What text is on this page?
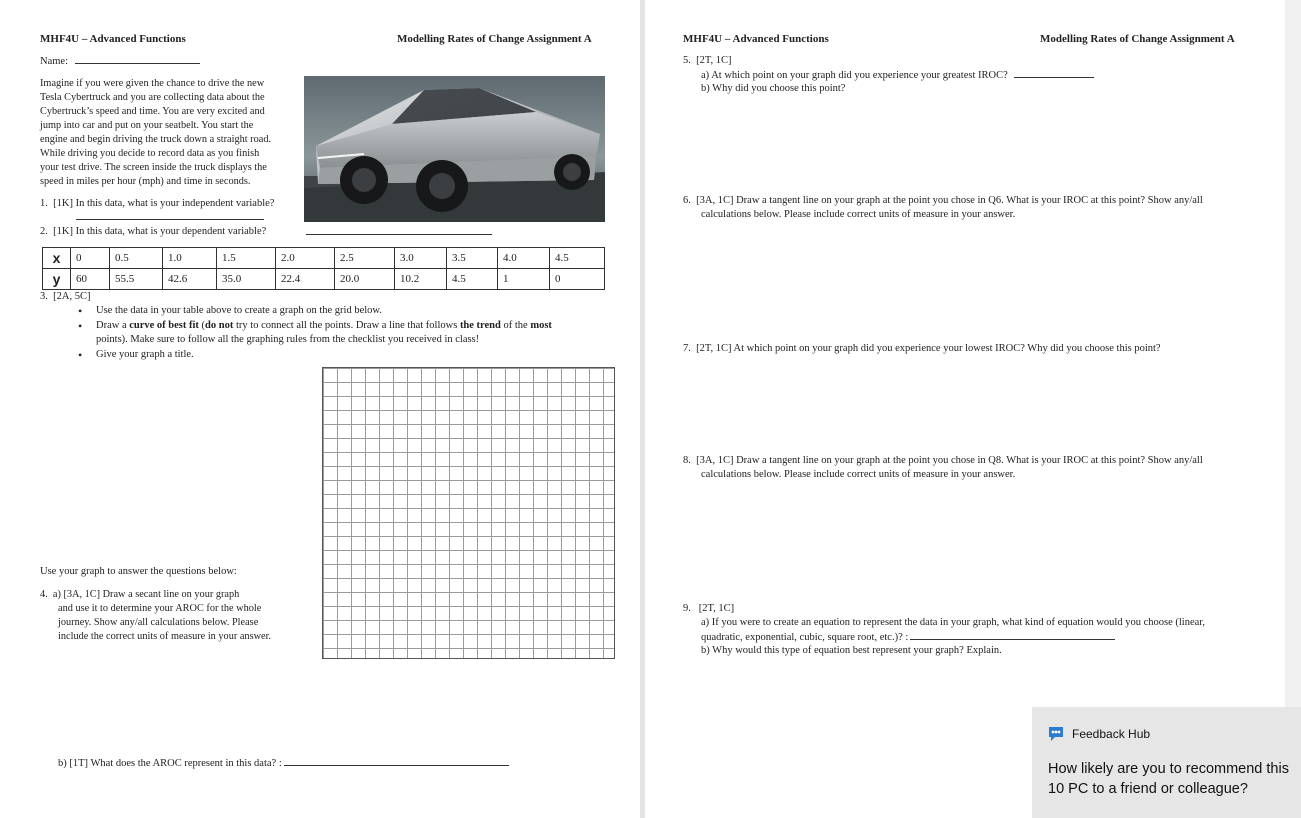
MHF4U – Advanced Functions	Modelling Rates of Change Assignment A
Name:
Imagine if you were given the chance to drive the new
Tesla Cybertruck and you are collecting data about the
Cybertruck’s speed and time. You are very excited and
jump into car and put on your seatbelt. You start the
engine and begin driving the truck down a straight road.
While driving you decide to record data as you finish
your test drive. The screen inside the truck displays the
speed in miles per hour (mph) and time in seconds.
1.  [1K] In this data, what is your independent variable?
2.  [1K] In this data, what is your dependent variable?
x	0	0.5	1.0	1.5	2.0	2.5	3.0	3.5	4.0	4.5
y	60	55.5	42.6	35.0	22.4	20.0	10.2	4.5	1	0
3.  [2A, 5C]
• Use the data in your table above to create a graph on the grid below.
• Draw a curve of best fit (do not try to connect all the points. Draw a line that follows the trend of the most
points). Make sure to follow all the graphing rules from the checklist you received in class!
• Give your graph a title.
Use your graph to answer the questions below:
4.  a) [3A, 1C] Draw a secant line on your graph
and use it to determine your AROC for the whole
journey. Show any/all calculations below. Please
include the correct units of measure in your answer.
b) [1T] What does the AROC represent in this data? :
MHF4U – Advanced Functions	Modelling Rates of Change Assignment A
5.  [2T, 1C]
a) At which point on your graph did you experience your greatest IROC?
b) Why did you choose this point?
6.  [3A, 1C] Draw a tangent line on your graph at the point you chose in Q6. What is your IROC at this point? Show any/all
calculations below. Please include correct units of measure in your answer.
7.  [2T, 1C] At which point on your graph did you experience your lowest IROC? Why did you choose this point?
8.  [3A, 1C] Draw a tangent line on your graph at the point you chose in Q8. What is your IROC at this point? Show any/all
calculations below. Please include correct units of measure in your answer.
9.   [2T, 1C]
a) If you were to create an equation to represent the data in your graph, what kind of equation would you choose (linear,
quadratic, exponential, cubic, square root, etc.)? :
b) Why would this type of equation best represent your graph? Explain.
Feedback Hub
How likely are you to recommend this
10 PC to a friend or colleague?
